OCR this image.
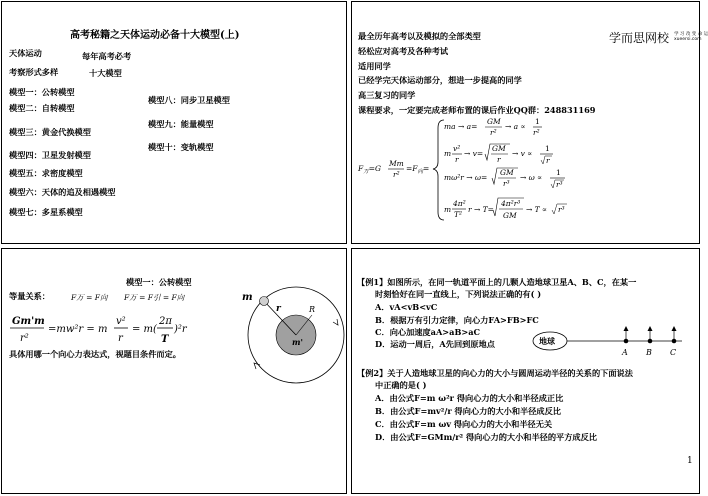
高考秘籍之天体运动必备十大模型(上)
天体运动	每年高考必考
考察形式多样	十大模型
模型一：公转模型
模型二：自转模型
模型三：黄金代换模型
模型四：卫星发射模型
模型五：求密度模型
模型六：天体的追及相遇模型
模型七：多星系模型
模型八：同步卫星模型
模型九：能量模型
模型十：变轨模型
学而思网校 学 习 改 变 命 运
xueersi.com
最全历年高考以及模拟的全部类型
轻松应对高考及各种考试
适用同学
已经学完天体运动部分，想进一步提高的同学
高三复习的同学
课程要求，一定要完成老师布置的课后作业QQ群：248831169
$F_万=G$
Mm
r²
$=F_向=$
ma → a=
GM
r²
→ a ∝
1
r²
m
v²
r
→ v=
GM
r
→ v ∝
1
r
mω²r → ω=
GM
r³
→ ω ∝
1
r³
m
4π²
T²
r → T=
4π²r³
GM
→ T ∝ r³
模型一：公转模型
等量关系：	F万 = F向 F万 = F引 = F向
Gm'm
r²
=mw²r = m
v²
r
= m(
2π
T
)²r
具体用哪一个向心力表达式，视题目条件而定。
m
r	R
m'
【例1】如图所示，在同一轨道平面上的几颗人造地球卫星A、B、C，在某一
时刻恰好在同一直线上，下列说法正确的有( )
A．vA<vB<vC
B．根据万有引力定律，向心力FA>FB>FC
C．向心加速度aA>aB>aC
D．运动一周后，A先回到原地点	地球
A B C
【例2】关于人造地球卫星的向心力的大小与圆周运动半径的关系的下面说法
中正确的是( )
A．由公式F=m ω²r 得向心力的大小和半径成正比
B．由公式F=mv²/r 得向心力的大小和半径成反比
C．由公式F=m ωv 得向心力的大小和半径无关
D．由公式F=GMm/r² 得向心力的大小和半径的平方成反比
1
